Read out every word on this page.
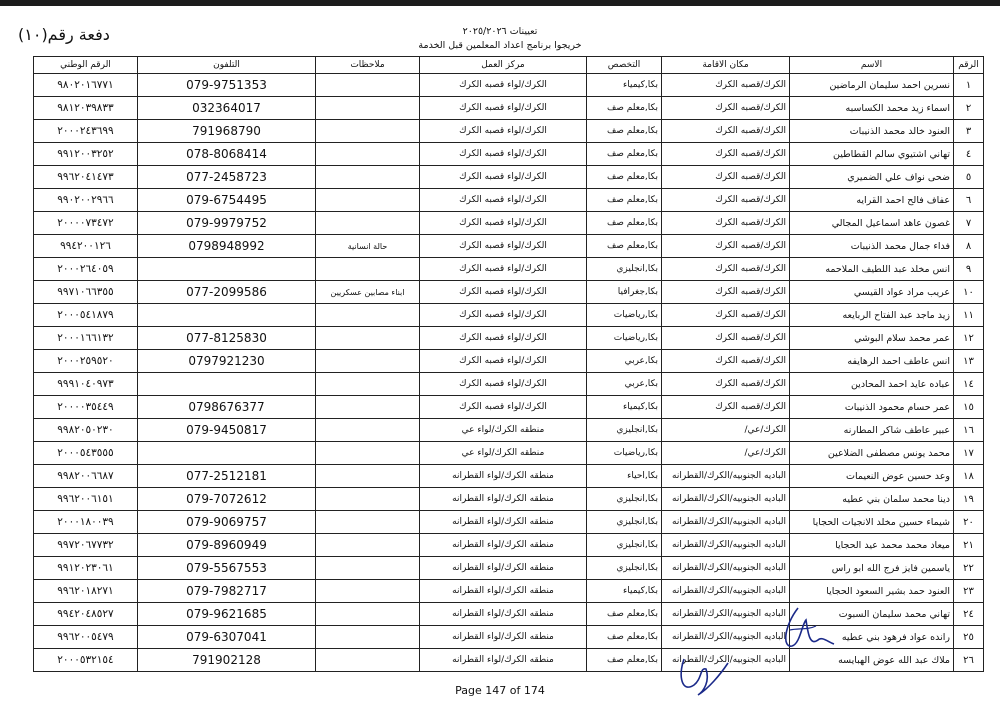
تعيينات ٢٠٢٥/٢٠٢٦
خريجوا برنامج اعداد المعلمين قبل الخدمة
دفعة رقم(١٠)
الرقم	الاسم	مكان الاقامة	التخصص	مركز العمل	ملاحظات	التلفون	الرقم الوطني
١	نسرين احمد سليمان الرماضين	الكرك/قصبه الكرك	بكا,كيمياء	الكرك/لواء قصبه الكرك		079-9751353	٩٨٠٢٠١٦٧٧١
٢	اسماء زيد محمد الكساسبه	الكرك/قصبه الكرك	بكا,معلم صف	الكرك/لواء قصبه الكرك		032364017	٩٨١٢٠٣٩٨٣٣
٣	العنود خالد محمد الذنيبات	الكرك/قصبه الكرك	بكا,معلم صف	الكرك/لواء قصبه الكرك		791968790	٢٠٠٠٢٤٣٦٩٩
٤	تهاني اشتيوي سالم القطاطين	الكرك/قصبه الكرك	بكا,معلم صف	الكرك/لواء قصبه الكرك		078-8068414	٩٩١٢٠٠٣٢٥٢
٥	ضحى نواف علي الضميري	الكرك/قصبه الكرك	بكا,معلم صف	الكرك/لواء قصبه الكرك		077-2458723	٩٩٦٢٠٤١٤٧٣
٦	عفاف فالح احمد القرايه	الكرك/قصبه الكرك	بكا,معلم صف	الكرك/لواء قصبه الكرك		079-6754495	٩٩٠٢٠٠٢٩٦٦
٧	غصون عاهد اسماعيل المجالي	الكرك/قصبه الكرك	بكا,معلم صف	الكرك/لواء قصبه الكرك		079-9979752	٢٠٠٠٠٧٣٤٧٢
٨	فداء جمال محمد الذنيبات	الكرك/قصبه الكرك	بكا,معلم صف	الكرك/لواء قصبه الكرك	حالة انسانية	0798948992	٩٩٤٢٠٠١٢٦
٩	انس مخلد عبد اللطيف الملاحمه	الكرك/قصبه الكرك	بكا,انجليزي	الكرك/لواء قصبه الكرك			٢٠٠٠٢٦٤٠٥٩
١٠	عريب مراد عواد القيسي	الكرك/قصبه الكرك	بكا,جغرافيا	الكرك/لواء قصبه الكرك	ابناء مصابين عسكريين	077-2099586	٩٩٧١٠٦٦٣٥٥
١١	زيد ماجد عبد الفتاح الربايعه	الكرك/قصبه الكرك	بكا,رياضيات	الكرك/لواء قصبه الكرك			٢٠٠٠٥٤١٨٧٩
١٢	عمر محمد سلام البوشي	الكرك/قصبه الكرك	بكا,رياضيات	الكرك/لواء قصبه الكرك		077-8125830	٢٠٠٠١٦٦١٣٢
١٣	انس عاطف احمد الرهايفه	الكرك/قصبه الكرك	بكا,عربي	الكرك/لواء قصبه الكرك		0797921230	٢٠٠٠٢٥٩٥٢٠
١٤	عباده عايد احمد المحادين	الكرك/قصبه الكرك	بكا,عربي	الكرك/لواء قصبه الكرك			٩٩٩١٠٤٠٩٧٣
١٥	عمر حسام محمود الذنيبات	الكرك/قصبه الكرك	بكا,كيمياء	الكرك/لواء قصبه الكرك		0798676377	٢٠٠٠٠٣٥٤٤٩
١٦	عبير عاطف شاكر المطارنه	الكرك/عي/	بكا,انجليزي	منطقه الكرك/لواء عي		079-9450817	٩٩٨٢٠٥٠٢٣٠
١٧	محمد يونس مصطفى الضلاعين	الكرك/عي/	بكا,رياضيات	منطقه الكرك/لواء عي			٢٠٠٠٥٤٣٥٥٥
١٨	وعد حسين عوض النعيمات	الباديه الجنوبيه/الكرك/القطرانه	بكا,احياء	منطقه الكرك/لواء القطرانه		077-2512181	٩٩٨٢٠٠٦٦٨٧
١٩	دينا محمد سلمان بني عطيه	الباديه الجنوبيه/الكرك/القطرانه	بكا,انجليزي	منطقه الكرك/لواء القطرانه		079-7072612	٩٩٦٢٠٠٦١٥١
٢٠	شيماء حسين مخلد الانجيات الحجايا	الباديه الجنوبيه/الكرك/القطرانه	بكا,انجليزي	منطقه الكرك/لواء القطرانه		079-9069757	٢٠٠٠١٨٠٠٣٩
٢١	ميعاد محمد محمد عيد الحجايا	الباديه الجنوبيه/الكرك/القطرانه	بكا,انجليزي	منطقه الكرك/لواء القطرانه		079-8960949	٩٩٧٢٠٦٧٧٣٢
٢٢	ياسمين فايز فرج الله ابو راس	الباديه الجنوبيه/الكرك/القطرانه	بكا,انجليزي	منطقه الكرك/لواء القطرانه		079-5567553	٩٩١٢٠٢٣٠٦١
٢٣	العنود حمد بشير السعود الحجايا	الباديه الجنوبيه/الكرك/القطرانه	بكا,كيمياء	منطقه الكرك/لواء القطرانه		079-7982717	٩٩٦٢٠١٨٢٧١
٢٤	تهاني محمد سليمان السبوت	الباديه الجنوبيه/الكرك/القطرانه	بكا,معلم صف	منطقه الكرك/لواء القطرانه		079-9621685	٩٩٤٢٠٤٨٥٢٧
٢٥	رانده عواد فرهود بني عطيه	الباديه الجنوبيه/الكرك/القطرانه	بكا,معلم صف	منطقه الكرك/لواء القطرانه		079-6307041	٩٩٦٢٠٠٥٤٧٩
٢٦	ملاك عبد الله عوض الهبايسه	الباديه الجنوبيه/الكرك/القطرانه	بكا,معلم صف	منطقه الكرك/لواء القطرانه		791902128	٢٠٠٠٥٣٢١٥٤
Page 147 of 174
